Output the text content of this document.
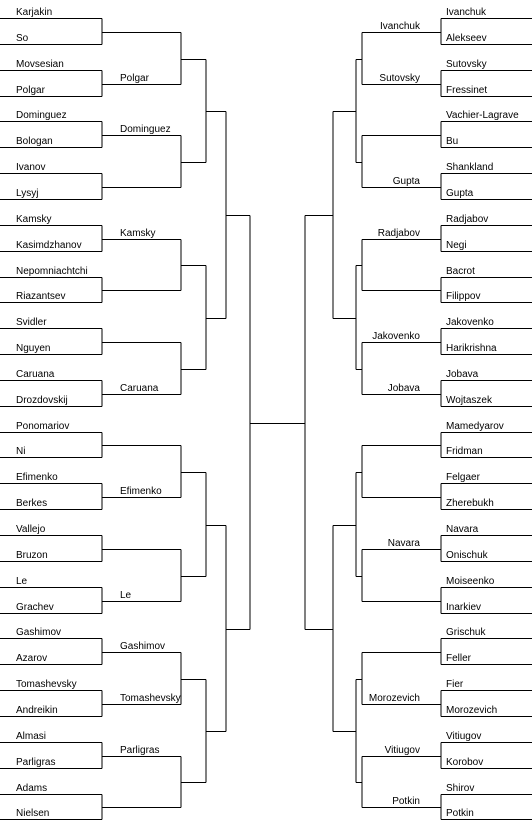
Karjakin
So
Movsesian
Polgar
Dominguez
Bologan
Ivanov
Lysyj
Kamsky
Kasimdzhanov
Nepomniachtchi
Riazantsev
Svidler
Nguyen
Caruana
Drozdovskij
Ponomariov
Ni
Efimenko
Berkes
Vallejo
Bruzon
Le
Grachev
Gashimov
Azarov
Tomashevsky
Andreikin
Almasi
Parligras
Adams
Nielsen
Polgar
Dominguez
Kamsky
Caruana
Efimenko
Le
Gashimov
Tomashevsky
Parligras
Ivanchuk
Alekseev
Sutovsky
Fressinet
Vachier-Lagrave
Bu
Shankland
Gupta
Radjabov
Negi
Bacrot
Filippov
Jakovenko
Harikrishna
Jobava
Wojtaszek
Mamedyarov
Fridman
Felgaer
Zherebukh
Navara
Onischuk
Moiseenko
Inarkiev
Grischuk
Feller
Fier
Morozevich
Vitiugov
Korobov
Shirov
Potkin
Ivanchuk
Sutovsky
Gupta
Radjabov
Jakovenko
Jobava
Navara
Morozevich
Vitiugov
Potkin
